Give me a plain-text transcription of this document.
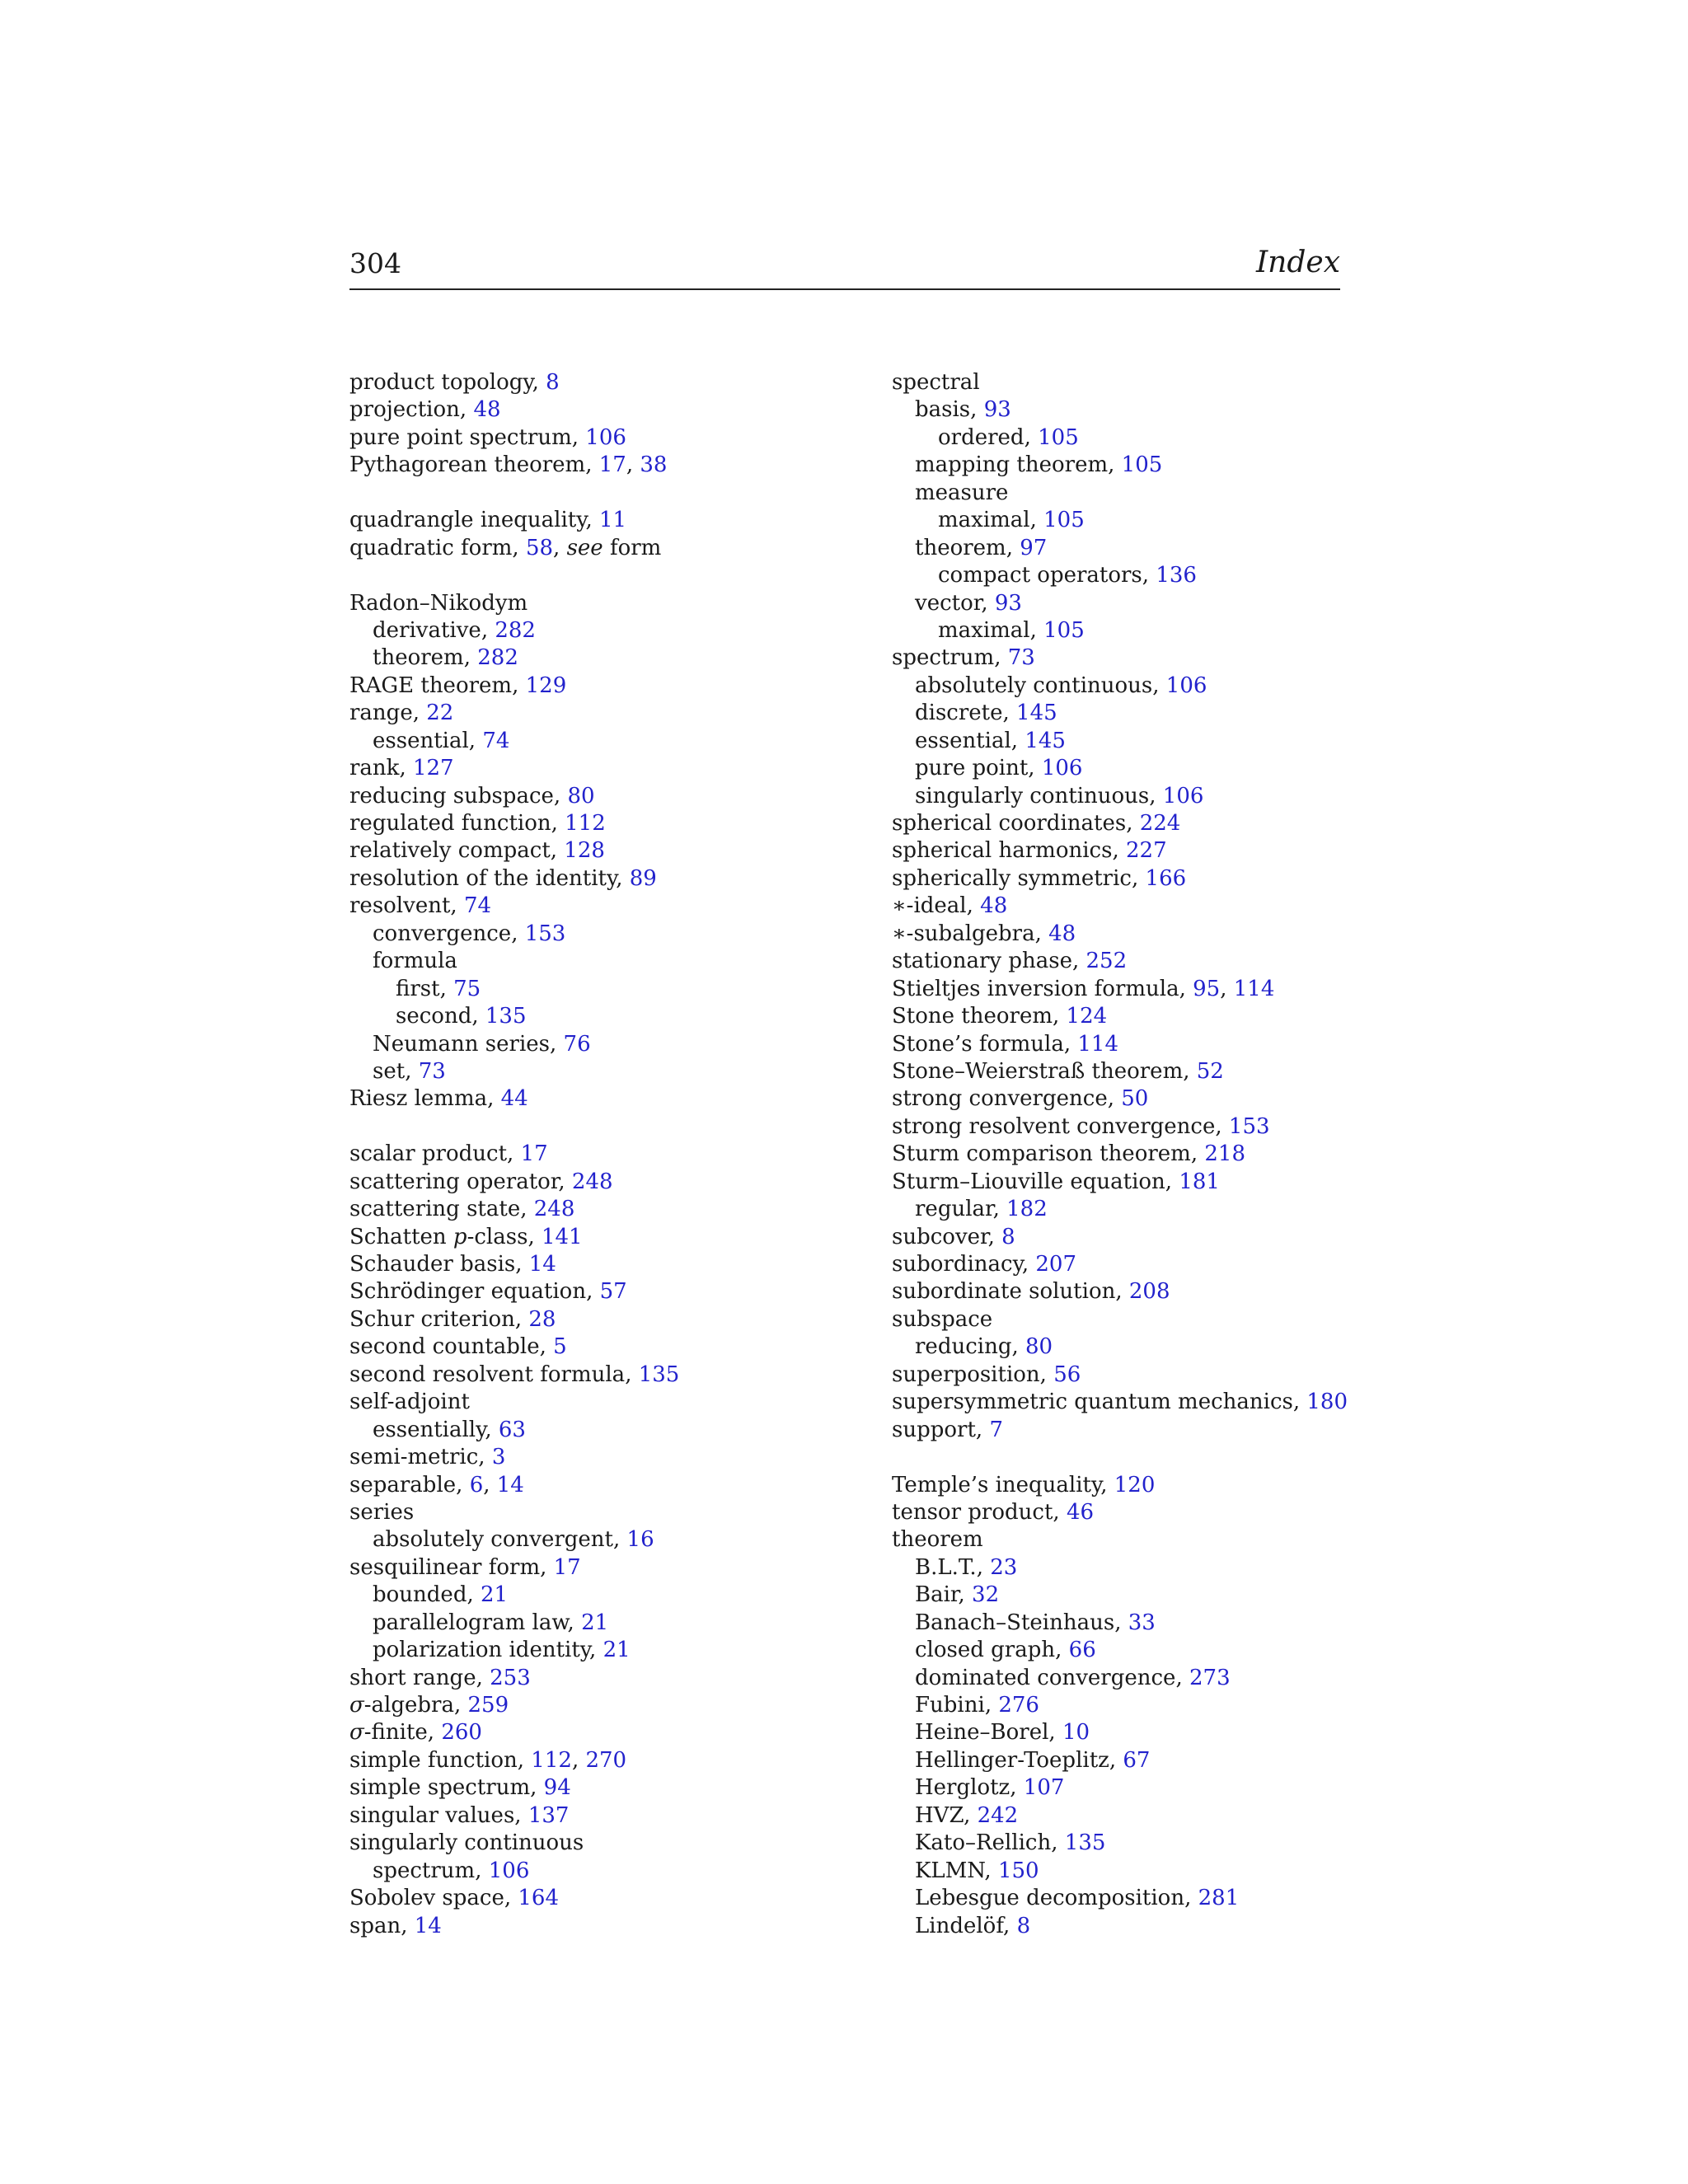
304	Index
product topology, 8
projection, 48
pure point spectrum, 106
Pythagorean theorem, 17, 38
quadrangle inequality, 11
quadratic form, 58, see form
Radon–Nikodym
derivative, 282
theorem, 282
RAGE theorem, 129
range, 22
essential, 74
rank, 127
reducing subspace, 80
regulated function, 112
relatively compact, 128
resolution of the identity, 89
resolvent, 74
convergence, 153
formula
first, 75
second, 135
Neumann series, 76
set, 73
Riesz lemma, 44
scalar product, 17
scattering operator, 248
scattering state, 248
Schatten p-class, 141
Schauder basis, 14
Schrödinger equation, 57
Schur criterion, 28
second countable, 5
second resolvent formula, 135
self-adjoint
essentially, 63
semi-metric, 3
separable, 6, 14
series
absolutely convergent, 16
sesquilinear form, 17
bounded, 21
parallelogram law, 21
polarization identity, 21
short range, 253
σ-algebra, 259
σ-finite, 260
simple function, 112, 270
simple spectrum, 94
singular values, 137
singularly continuous
spectrum, 106
Sobolev space, 164
span, 14
spectral
basis, 93
ordered, 105
mapping theorem, 105
measure
maximal, 105
theorem, 97
compact operators, 136
vector, 93
maximal, 105
spectrum, 73
absolutely continuous, 106
discrete, 145
essential, 145
pure point, 106
singularly continuous, 106
spherical coordinates, 224
spherical harmonics, 227
spherically symmetric, 166
∗-ideal, 48
∗-subalgebra, 48
stationary phase, 252
Stieltjes inversion formula, 95, 114
Stone theorem, 124
Stone’s formula, 114
Stone–Weierstraß theorem, 52
strong convergence, 50
strong resolvent convergence, 153
Sturm comparison theorem, 218
Sturm–Liouville equation, 181
regular, 182
subcover, 8
subordinacy, 207
subordinate solution, 208
subspace
reducing, 80
superposition, 56
supersymmetric quantum mechanics, 180
support, 7
Temple’s inequality, 120
tensor product, 46
theorem
B.L.T., 23
Bair, 32
Banach–Steinhaus, 33
closed graph, 66
dominated convergence, 273
Fubini, 276
Heine–Borel, 10
Hellinger-Toeplitz, 67
Herglotz, 107
HVZ, 242
Kato–Rellich, 135
KLMN, 150
Lebesgue decomposition, 281
Lindelöf, 8
